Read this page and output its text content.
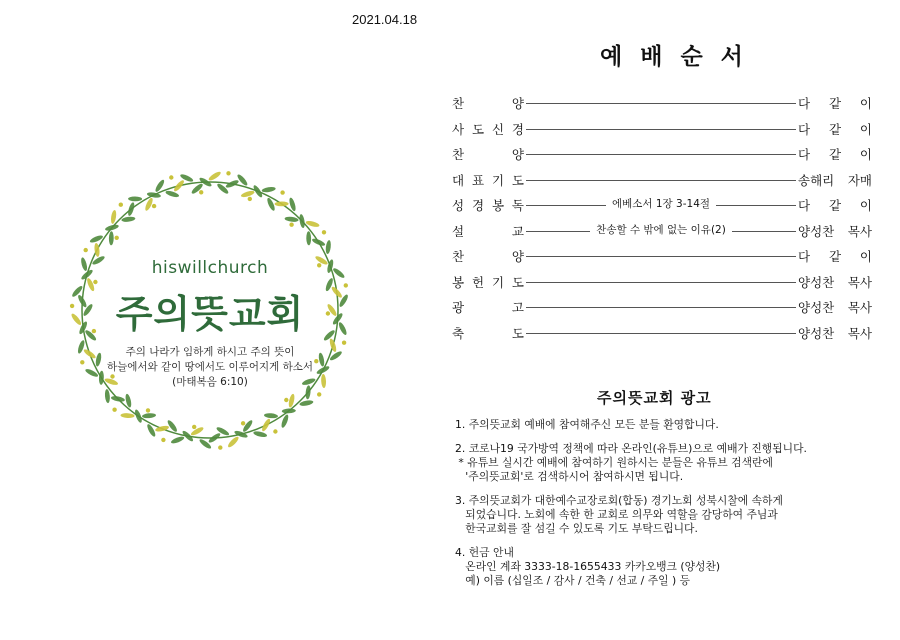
2021.04.18
hiswillchurch
주의뜻교회
주의 나라가 임하게 하시고 주의 뜻이
하늘에서와 같이 땅에서도 이루어지게 하소서
(마태복음 6:10)
예 배 순 서
찬	양	다 같 이
사 도 신 경	다 같 이
찬	양	다 같 이
대 표 기 도	송해리 자매
성 경 봉 독	에베소서 1장 3-14절	다 같 이
설	교	찬송할 수 밖에 없는 이유(2)	양성찬 목사
찬	양	다 같 이
봉 헌 기 도	양성찬 목사
광	고	양성찬 목사
축	도	양성찬 목사
주의뜻교회 광고

1. 주의뜻교회 예배에 참여해주신 모든 분들 환영합니다.

2. 코로나19 국가방역 정책에 따라 온라인(유튜브)으로 예배가 진행됩니다.

* 유튜브 실시간 예배에 참여하기 원하시는 분들은 유튜브 검색란에

'주의뜻교회'로 검색하시어 참여하시면 됩니다.

3. 주의뜻교회가 대한예수교장로회(합동) 경기노회 성북시찰에 속하게

되었습니다. 노회에 속한 한 교회로 의무와 역할을 감당하여 주님과

한국교회를 잘 섬길 수 있도록 기도 부탁드립니다.

4. 헌금 안내

온라인 계좌 3333-18-1655433 카카오뱅크 (양성찬)

예) 이름 (십일조 / 감사 / 건축 / 선교 / 주일 ) 등
